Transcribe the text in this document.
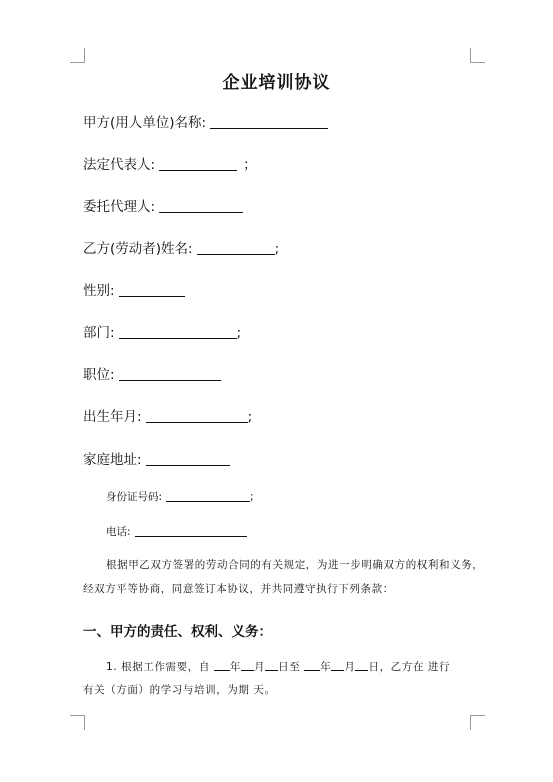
企业培训协议
甲方(用人单位)名称:
法定代表人:	；
委托代理人:
乙方(劳动者)姓名:	;
性别:
部门:	;
职位:
出生年月:	;
家庭地址:
身份证号码:	;
电话:
根据甲乙双方签署的劳动合同的有关规定，为进一步明确双方的权利和义务，
经双方平等协商，同意签订本协议，并共同遵守执行下列条款：
一、甲方的责任、权利、义务：
1. 根据工作需要，自 年 月 日至 年 月 日，乙方在 进行
有关（方面）的学习与培训，为期 天。
